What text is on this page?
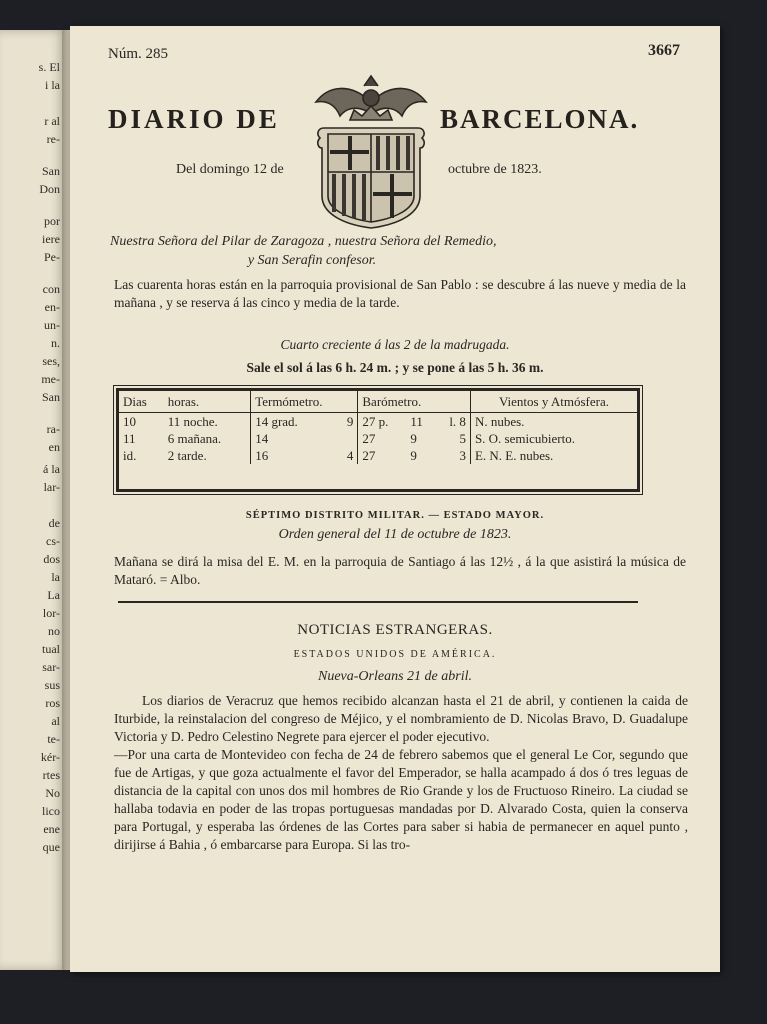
s. El
i la
r al
re-
San
Don
por
iere
Pe-
con
en-
un-
n.
ses,
me-
San
ra-
en
á la
lar-
de
cs-
dos
la
La
lor-
no
tual
sar-
sus
ros
al
te-
kér-
rtes
No
lico
ene
que
Núm. 285	3667
DIARIO DE	BARCELONA.
Del domingo 12 de	octubre de 1823.
Nuestra Señora del Pilar de Zaragoza , nuestra Señora del Remedio,
y San Serafin confesor.
Las cuarenta horas están en la parroquia provisional de San Pablo : se descubre á las nueve y media de la mañana , y se reserva á las cinco y media de la tarde.
Cuarto creciente á las 2 de la madrugada.
Sale el sol á las 6 h. 24 m. ; y se pone á las 5 h. 36 m.
Dias	horas.	Termómetro.		Barómetro.			Vientos y Atmósfera.
10	11 noche.	14 grad.	9	27 p.	11	l. 8	N. nubes.
11	6 mañana.	14		27	9	5	S. O. semicubierto.
id.	2 tarde.	16	4	27	9	3	E. N. E. nubes.
SÉPTIMO DISTRITO MILITAR. — ESTADO MAYOR.
Orden general del 11 de octubre de 1823.
Mañana se dirá la misa del E. M. en la parroquia de Santiago á las 12½ , á la que asistirá la música de Mataró. = Albo.
NOTICIAS ESTRANGERAS.
ESTADOS UNIDOS DE AMÉRICA.
Nueva-Orleans 21 de abril.

Los diarios de Veracruz que hemos recibido alcanzan hasta el 21 de abril, y contienen la caida de Iturbide, la reinstalacion del congreso de Méjico, y el nombramiento de D. Nicolas Bravo, D. Guadalupe Victoria y D. Pedro Celestino Negrete para ejercer el poder ejecutivo.

—Por una carta de Montevideo con fecha de 24 de febrero sabemos que el general Le Cor, segundo que fue de Artigas, y que goza actualmente el favor del Emperador, se halla acampado á dos ó tres leguas de distancia de la capital con unos dos mil hombres de Rio Grande y los de Fructuoso Rineiro. La ciudad se hallaba todavia en poder de las tropas portuguesas mandadas por D. Alvarado Costa, quien la conserva para Portugal, y esperaba las órdenes de las Cortes para saber si habia de permanecer en aquel punto , dirijirse á Bahia , ó embarcarse para Europa. Si las tro-
